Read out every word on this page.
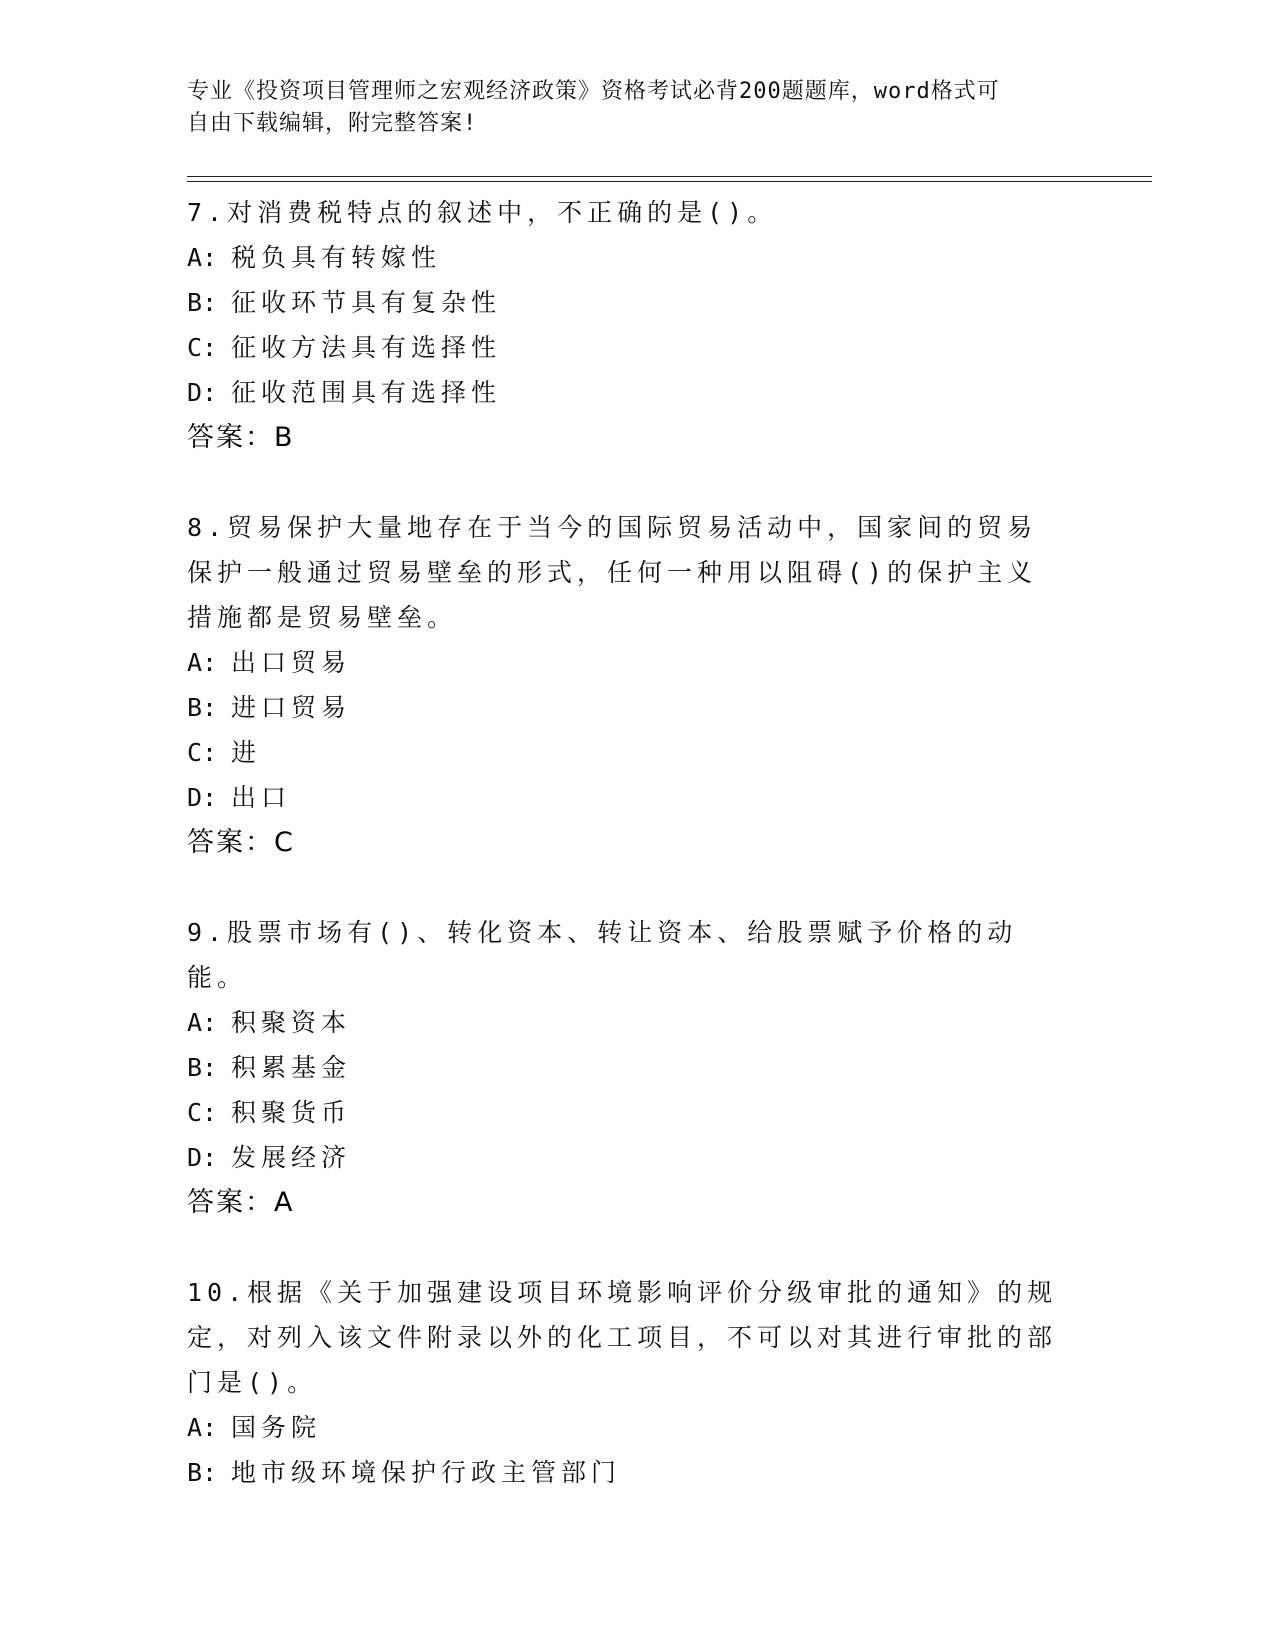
专业《投资项目管理师之宏观经济政策》资格考试必背200题题库，word格式可
自由下载编辑，附完整答案!

7.对消费税特点的叙述中，不正确的是()。

A: 税负具有转嫁性

B: 征收环节具有复杂性

C: 征收方法具有选择性

D: 征收范围具有选择性

答案：B

8.贸易保护大量地存在于当今的国际贸易活动中，国家间的贸易保护一般通过贸易壁垒的形式，任何一种用以阻碍()的保护主义措施都是贸易壁垒。

A: 出口贸易

B: 进口贸易

C: 进

D: 出口

答案：C

9.股票市场有()、转化资本、转让资本、给股票赋予价格的动能。

A: 积聚资本

B: 积累基金

C: 积聚货币

D: 发展经济

答案：A

10.根据《关于加强建设项目环境影响评价分级审批的通知》的规定，对列入该文件附录以外的化工项目，不可以对其进行审批的部门是()。

A: 国务院

B: 地市级环境保护行政主管部门
